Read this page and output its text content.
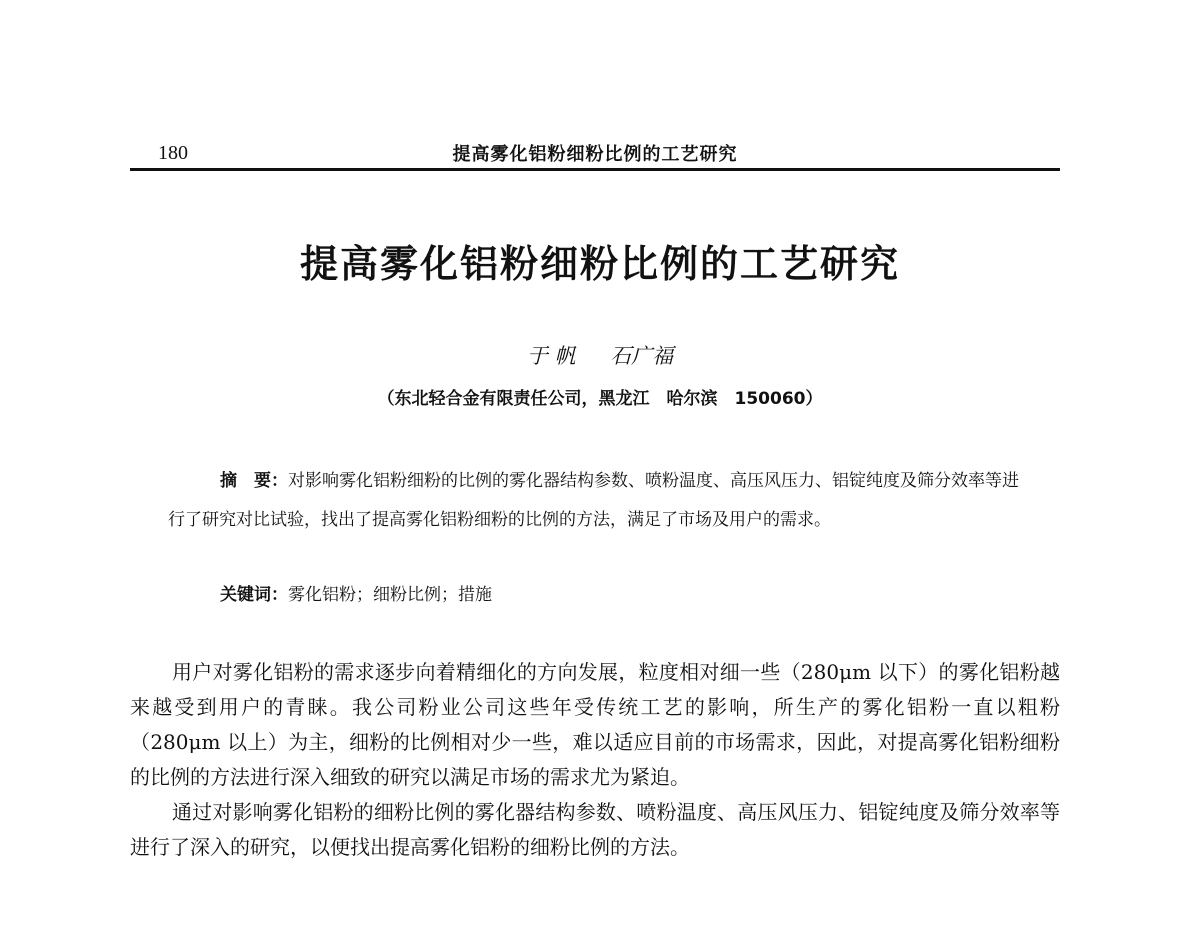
180	提高雾化铝粉细粉比例的工艺研究
提高雾化铝粉细粉比例的工艺研究
于 帆 石广福
（东北轻合金有限责任公司，黑龙江　哈尔滨　150060）

摘　要：对影响雾化铝粉细粉的比例的雾化器结构参数、喷粉温度、高压风压力、铝锭纯度及筛分效率等进行了研究对比试验，找出了提高雾化铝粉细粉的比例的方法，满足了市场及用户的需求。

关键词：雾化铝粉；细粉比例；措施

用户对雾化铝粉的需求逐步向着精细化的方向发展，粒度相对细一些（280μm 以下）的雾化铝粉越来越受到用户的青睐。我公司粉业公司这些年受传统工艺的影响，所生产的雾化铝粉一直以粗粉（280μm 以上）为主，细粉的比例相对少一些，难以适应目前的市场需求，因此，对提高雾化铝粉细粉的比例的方法进行深入细致的研究以满足市场的需求尤为紧迫。

通过对影响雾化铝粉的细粉比例的雾化器结构参数、喷粉温度、高压风压力、铝锭纯度及筛分效率等进行了深入的研究，以便找出提高雾化铝粉的细粉比例的方法。
